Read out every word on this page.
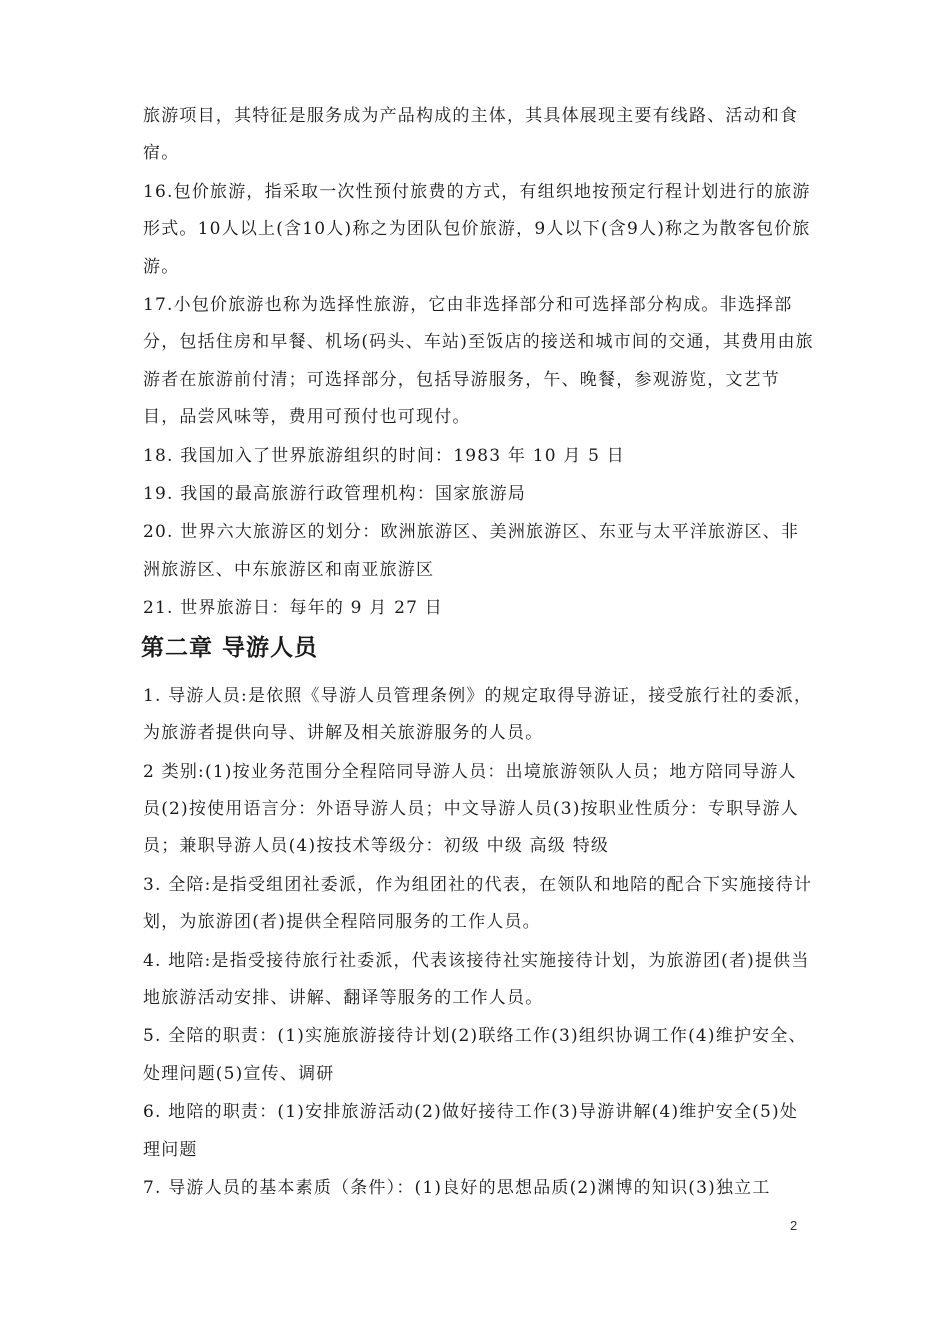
旅游项目，其特征是服务成为产品构成的主体，其具体展现主要有线路、活动和食宿。

16.包价旅游，指采取一次性预付旅费的方式，有组织地按预定行程计划进行的旅游形式。10人以上(含10人)称之为团队包价旅游，9人以下(含9人)称之为散客包价旅游。

17.小包价旅游也称为选择性旅游，它由非选择部分和可选择部分构成。非选择部分，包括住房和早餐、机场(码头、车站)至饭店的接送和城市间的交通，其费用由旅游者在旅游前付清；可选择部分，包括导游服务，午、晚餐，参观游览，文艺节目，品尝风味等，费用可预付也可现付。

18. 我国加入了世界旅游组织的时间：1983 年 10 月 5 日

19. 我国的最高旅游行政管理机构：国家旅游局

20. 世界六大旅游区的划分：欧洲旅游区、美洲旅游区、东亚与太平洋旅游区、非洲旅游区、中东旅游区和南亚旅游区

21. 世界旅游日：每年的 9 月 27 日

第二章 导游人员

1. 导游人员:是依照《导游人员管理条例》的规定取得导游证，接受旅行社的委派，为旅游者提供向导、讲解及相关旅游服务的人员。

2 类别:(1)按业务范围分全程陪同导游人员：出境旅游领队人员；地方陪同导游人员(2)按使用语言分：外语导游人员；中文导游人员(3)按职业性质分：专职导游人员；兼职导游人员(4)按技术等级分：初级 中级 高级 特级

3. 全陪:是指受组团社委派，作为组团社的代表，在领队和地陪的配合下实施接待计划，为旅游团(者)提供全程陪同服务的工作人员。

4. 地陪:是指受接待旅行社委派，代表该接待社实施接待计划，为旅游团(者)提供当地旅游活动安排、讲解、翻译等服务的工作人员。

5. 全陪的职责：(1)实施旅游接待计划(2)联络工作(3)组织协调工作(4)维护安全、处理问题(5)宣传、调研

6. 地陪的职责：(1)安排旅游活动(2)做好接待工作(3)导游讲解(4)维护安全(5)处理问题

7. 导游人员的基本素质（条件）：(1)良好的思想品质(2)渊博的知识(3)独立工

2
